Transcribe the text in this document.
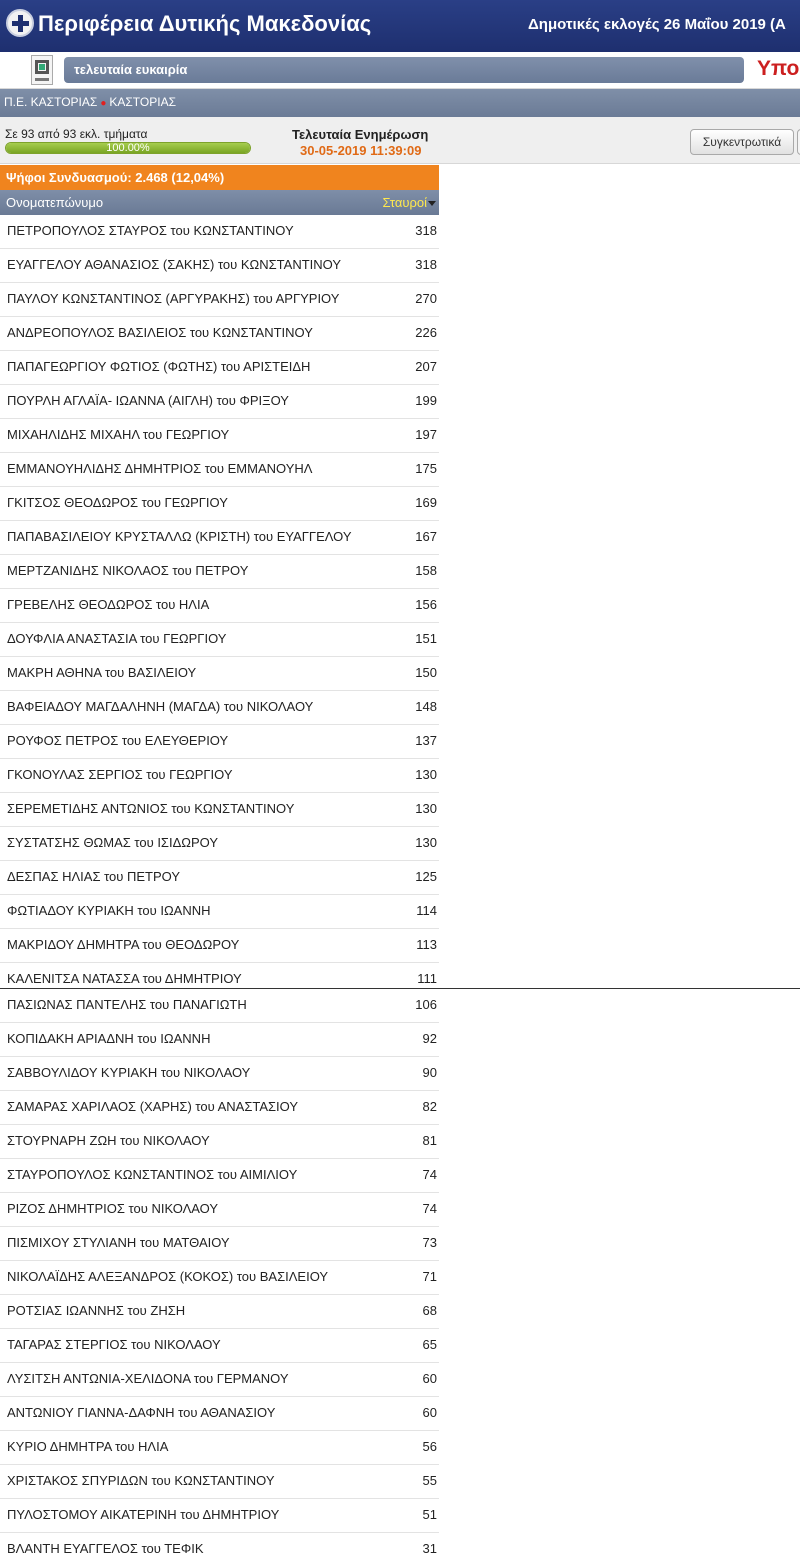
Περιφέρεια Δυτικής Μακεδονίας	Δημοτικές εκλογές 26 Μαΐου 2019 (Α
τελευταία ευκαιρία	Υπο
Π.Ε. ΚΑΣΤΟΡΙΑΣ ● ΚΑΣΤΟΡΙΑΣ
Σε 93 από 93 εκλ. τμήματα
100.00%
Τελευταία Ενημέρωση
30-05-2019 11:39:09
Συγκεντρωτικά
Ψήφοι Συνδυασμού: 2.468 (12,04%)
Ονοματεπώνυμο	Σταυροί
ΠΕΤΡΟΠΟΥΛΟΣ ΣΤΑΥΡΟΣ του ΚΩΝΣΤΑΝΤΙΝΟΥ	318
ΕΥΑΓΓΕΛΟΥ ΑΘΑΝΑΣΙΟΣ (ΣΑΚΗΣ) του ΚΩΝΣΤΑΝΤΙΝΟΥ	318
ΠΑΥΛΟΥ ΚΩΝΣΤΑΝΤΙΝΟΣ (ΑΡΓΥΡΑΚΗΣ) του ΑΡΓΥΡΙΟΥ	270
ΑΝΔΡΕΟΠΟΥΛΟΣ ΒΑΣΙΛΕΙΟΣ του ΚΩΝΣΤΑΝΤΙΝΟΥ	226
ΠΑΠΑΓΕΩΡΓΙΟΥ ΦΩΤΙΟΣ (ΦΩΤΗΣ) του ΑΡΙΣΤΕΙΔΗ	207
ΠΟΥΡΛΗ ΑΓΛΑΪΑ- ΙΩΑΝΝΑ (ΑΙΓΛΗ) του ΦΡΙΞΟΥ	199
ΜΙΧΑΗΛΙΔΗΣ ΜΙΧΑΗΛ του ΓΕΩΡΓΙΟΥ	197
ΕΜΜΑΝΟΥΗΛΙΔΗΣ ΔΗΜΗΤΡΙΟΣ του ΕΜΜΑΝΟΥΗΛ	175
ΓΚΙΤΣΟΣ ΘΕΟΔΩΡΟΣ του ΓΕΩΡΓΙΟΥ	169
ΠΑΠΑΒΑΣΙΛΕΙΟΥ ΚΡΥΣΤΑΛΛΩ (ΚΡΙΣΤΗ) του ΕΥΑΓΓΕΛΟΥ	167
ΜΕΡΤΖΑΝΙΔΗΣ ΝΙΚΟΛΑΟΣ του ΠΕΤΡΟΥ	158
ΓΡΕΒΕΛΗΣ ΘΕΟΔΩΡΟΣ του ΗΛΙΑ	156
ΔΟΥΦΛΙΑ ΑΝΑΣΤΑΣΙΑ του ΓΕΩΡΓΙΟΥ	151
ΜΑΚΡΗ ΑΘΗΝΑ του ΒΑΣΙΛΕΙΟΥ	150
ΒΑΦΕΙΑΔΟΥ ΜΑΓΔΑΛΗΝΗ (ΜΑΓΔΑ) του ΝΙΚΟΛΑΟΥ	148
ΡΟΥΦΟΣ ΠΕΤΡΟΣ του ΕΛΕΥΘΕΡΙΟΥ	137
ΓΚΟΝΟΥΛΑΣ ΣΕΡΓΙΟΣ του ΓΕΩΡΓΙΟΥ	130
ΣΕΡΕΜΕΤΙΔΗΣ ΑΝΤΩΝΙΟΣ του ΚΩΝΣΤΑΝΤΙΝΟΥ	130
ΣΥΣΤΑΤΣΗΣ ΘΩΜΑΣ του ΙΣΙΔΩΡΟΥ	130
ΔΕΣΠΑΣ ΗΛΙΑΣ του ΠΕΤΡΟΥ	125
ΦΩΤΙΑΔΟΥ ΚΥΡΙΑΚΗ του ΙΩΑΝΝΗ	114
ΜΑΚΡΙΔΟΥ ΔΗΜΗΤΡΑ του ΘΕΟΔΩΡΟΥ	113
ΚΑΛΕΝΙΤΣΑ ΝΑΤΑΣΣΑ του ΔΗΜΗΤΡΙΟΥ	111
ΠΑΣΙΩΝΑΣ ΠΑΝΤΕΛΗΣ του ΠΑΝΑΓΙΩΤΗ	106
ΚΟΠΙΔΑΚΗ ΑΡΙΑΔΝΗ του ΙΩΑΝΝΗ	92
ΣΑΒΒΟΥΛΙΔΟΥ ΚΥΡΙΑΚΗ του ΝΙΚΟΛΑΟΥ	90
ΣΑΜΑΡΑΣ ΧΑΡΙΛΑΟΣ (ΧΑΡΗΣ) του ΑΝΑΣΤΑΣΙΟΥ	82
ΣΤΟΥΡΝΑΡΗ ΖΩΗ του ΝΙΚΟΛΑΟΥ	81
ΣΤΑΥΡΟΠΟΥΛΟΣ ΚΩΝΣΤΑΝΤΙΝΟΣ του ΑΙΜΙΛΙΟΥ	74
ΡΙΖΟΣ ΔΗΜΗΤΡΙΟΣ του ΝΙΚΟΛΑΟΥ	74
ΠΙΣΜΙΧΟΥ ΣΤΥΛΙΑΝΗ του ΜΑΤΘΑΙΟΥ	73
ΝΙΚΟΛΑΪΔΗΣ ΑΛΕΞΑΝΔΡΟΣ (ΚΟΚΟΣ) του ΒΑΣΙΛΕΙΟΥ	71
ΡΟΤΣΙΑΣ ΙΩΑΝΝΗΣ του ΖΗΣΗ	68
ΤΑΓΑΡΑΣ ΣΤΕΡΓΙΟΣ του ΝΙΚΟΛΑΟΥ	65
ΛΥΣΙΤΣΗ ΑΝΤΩΝΙΑ-ΧΕΛΙΔΟΝΑ του ΓΕΡΜΑΝΟΥ	60
ΑΝΤΩΝΙΟΥ ΓΙΑΝΝΑ-ΔΑΦΝΗ του ΑΘΑΝΑΣΙΟΥ	60
ΚΥΡΙΟ ΔΗΜΗΤΡΑ του ΗΛΙΑ	56
ΧΡΙΣΤΑΚΟΣ ΣΠΥΡΙΔΩΝ του ΚΩΝΣΤΑΝΤΙΝΟΥ	55
ΠΥΛΟΣΤΟΜΟΥ ΑΙΚΑΤΕΡΙΝΗ του ΔΗΜΗΤΡΙΟΥ	51
ΒΛΑΝΤΗ ΕΥΑΓΓΕΛΟΣ του ΤΕΦΙΚ	31
